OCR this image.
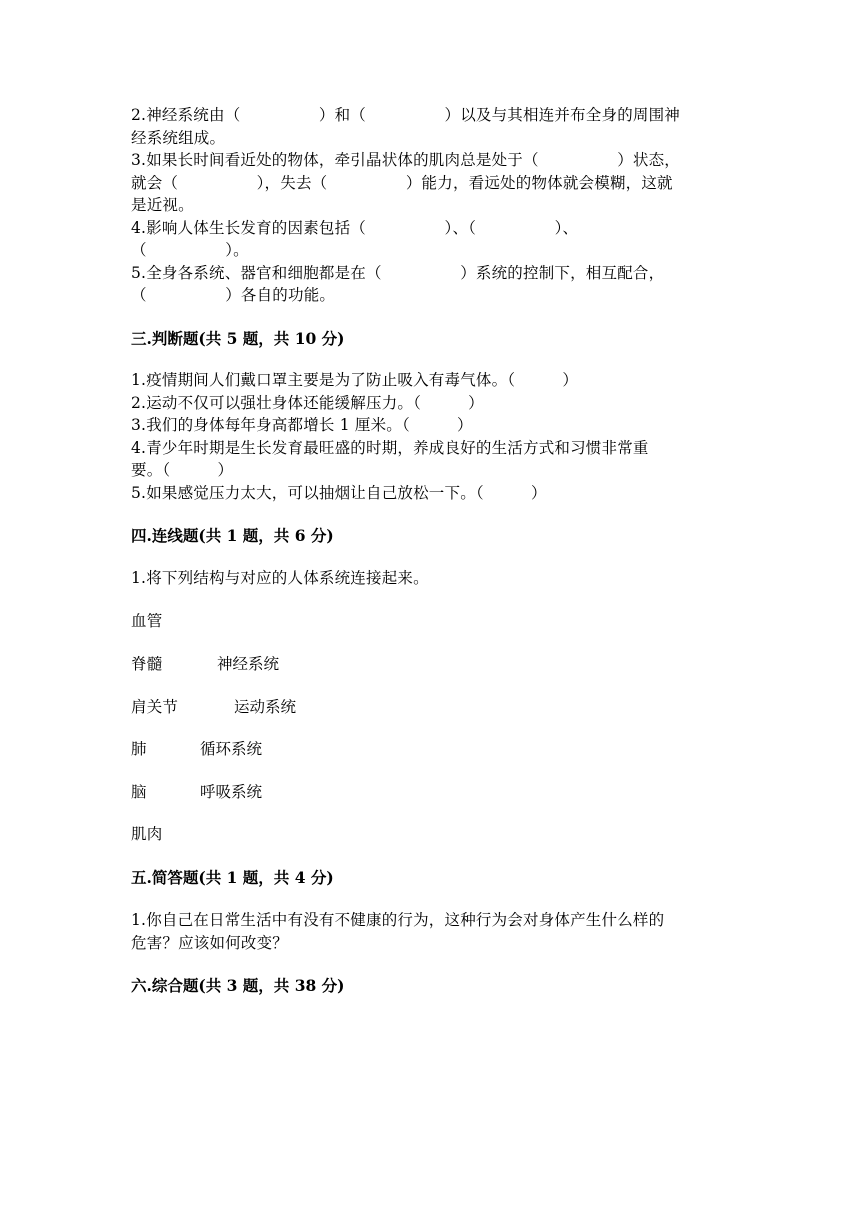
2.神经系统由（　　　　　）和（　　　　　）以及与其相连并布全身的周围神
经系统组成。
3.如果长时间看近处的物体，牵引晶状体的肌肉总是处于（　　　　　）状态，
就会（　　　　　），失去（　　　　　）能力，看远处的物体就会模糊，这就
是近视。
4.影响人体生长发育的因素包括（　　　　　）、（　　　　　）、
（　　　　　）。
5.全身各系统、器官和细胞都是在（　　　　　）系统的控制下，相互配合，
（　　　　　）各自的功能。
三.判断题(共 5 题，共 10 分)
1.疫情期间人们戴口罩主要是为了防止吸入有毒气体。（　　　）
2.运动不仅可以强壮身体还能缓解压力。（　　　）
3.我们的身体每年身高都增长 1 厘米。（　　　）
4.青少年时期是生长发育最旺盛的时期，养成良好的生活方式和习惯非常重
要。（　　　）
5.如果感觉压力太大，可以抽烟让自己放松一下。（　　　）
四.连线题(共 1 题，共 6 分)
1.将下列结构与对应的人体系统连接起来。
血管
脊髓	神经系统
肩关节	运动系统
肺	循环系统
脑	呼吸系统
肌肉
五.简答题(共 1 题，共 4 分)
1.你自己在日常生活中有没有不健康的行为，这种行为会对身体产生什么样的
危害？应该如何改变？
六.综合题(共 3 题，共 38 分)
